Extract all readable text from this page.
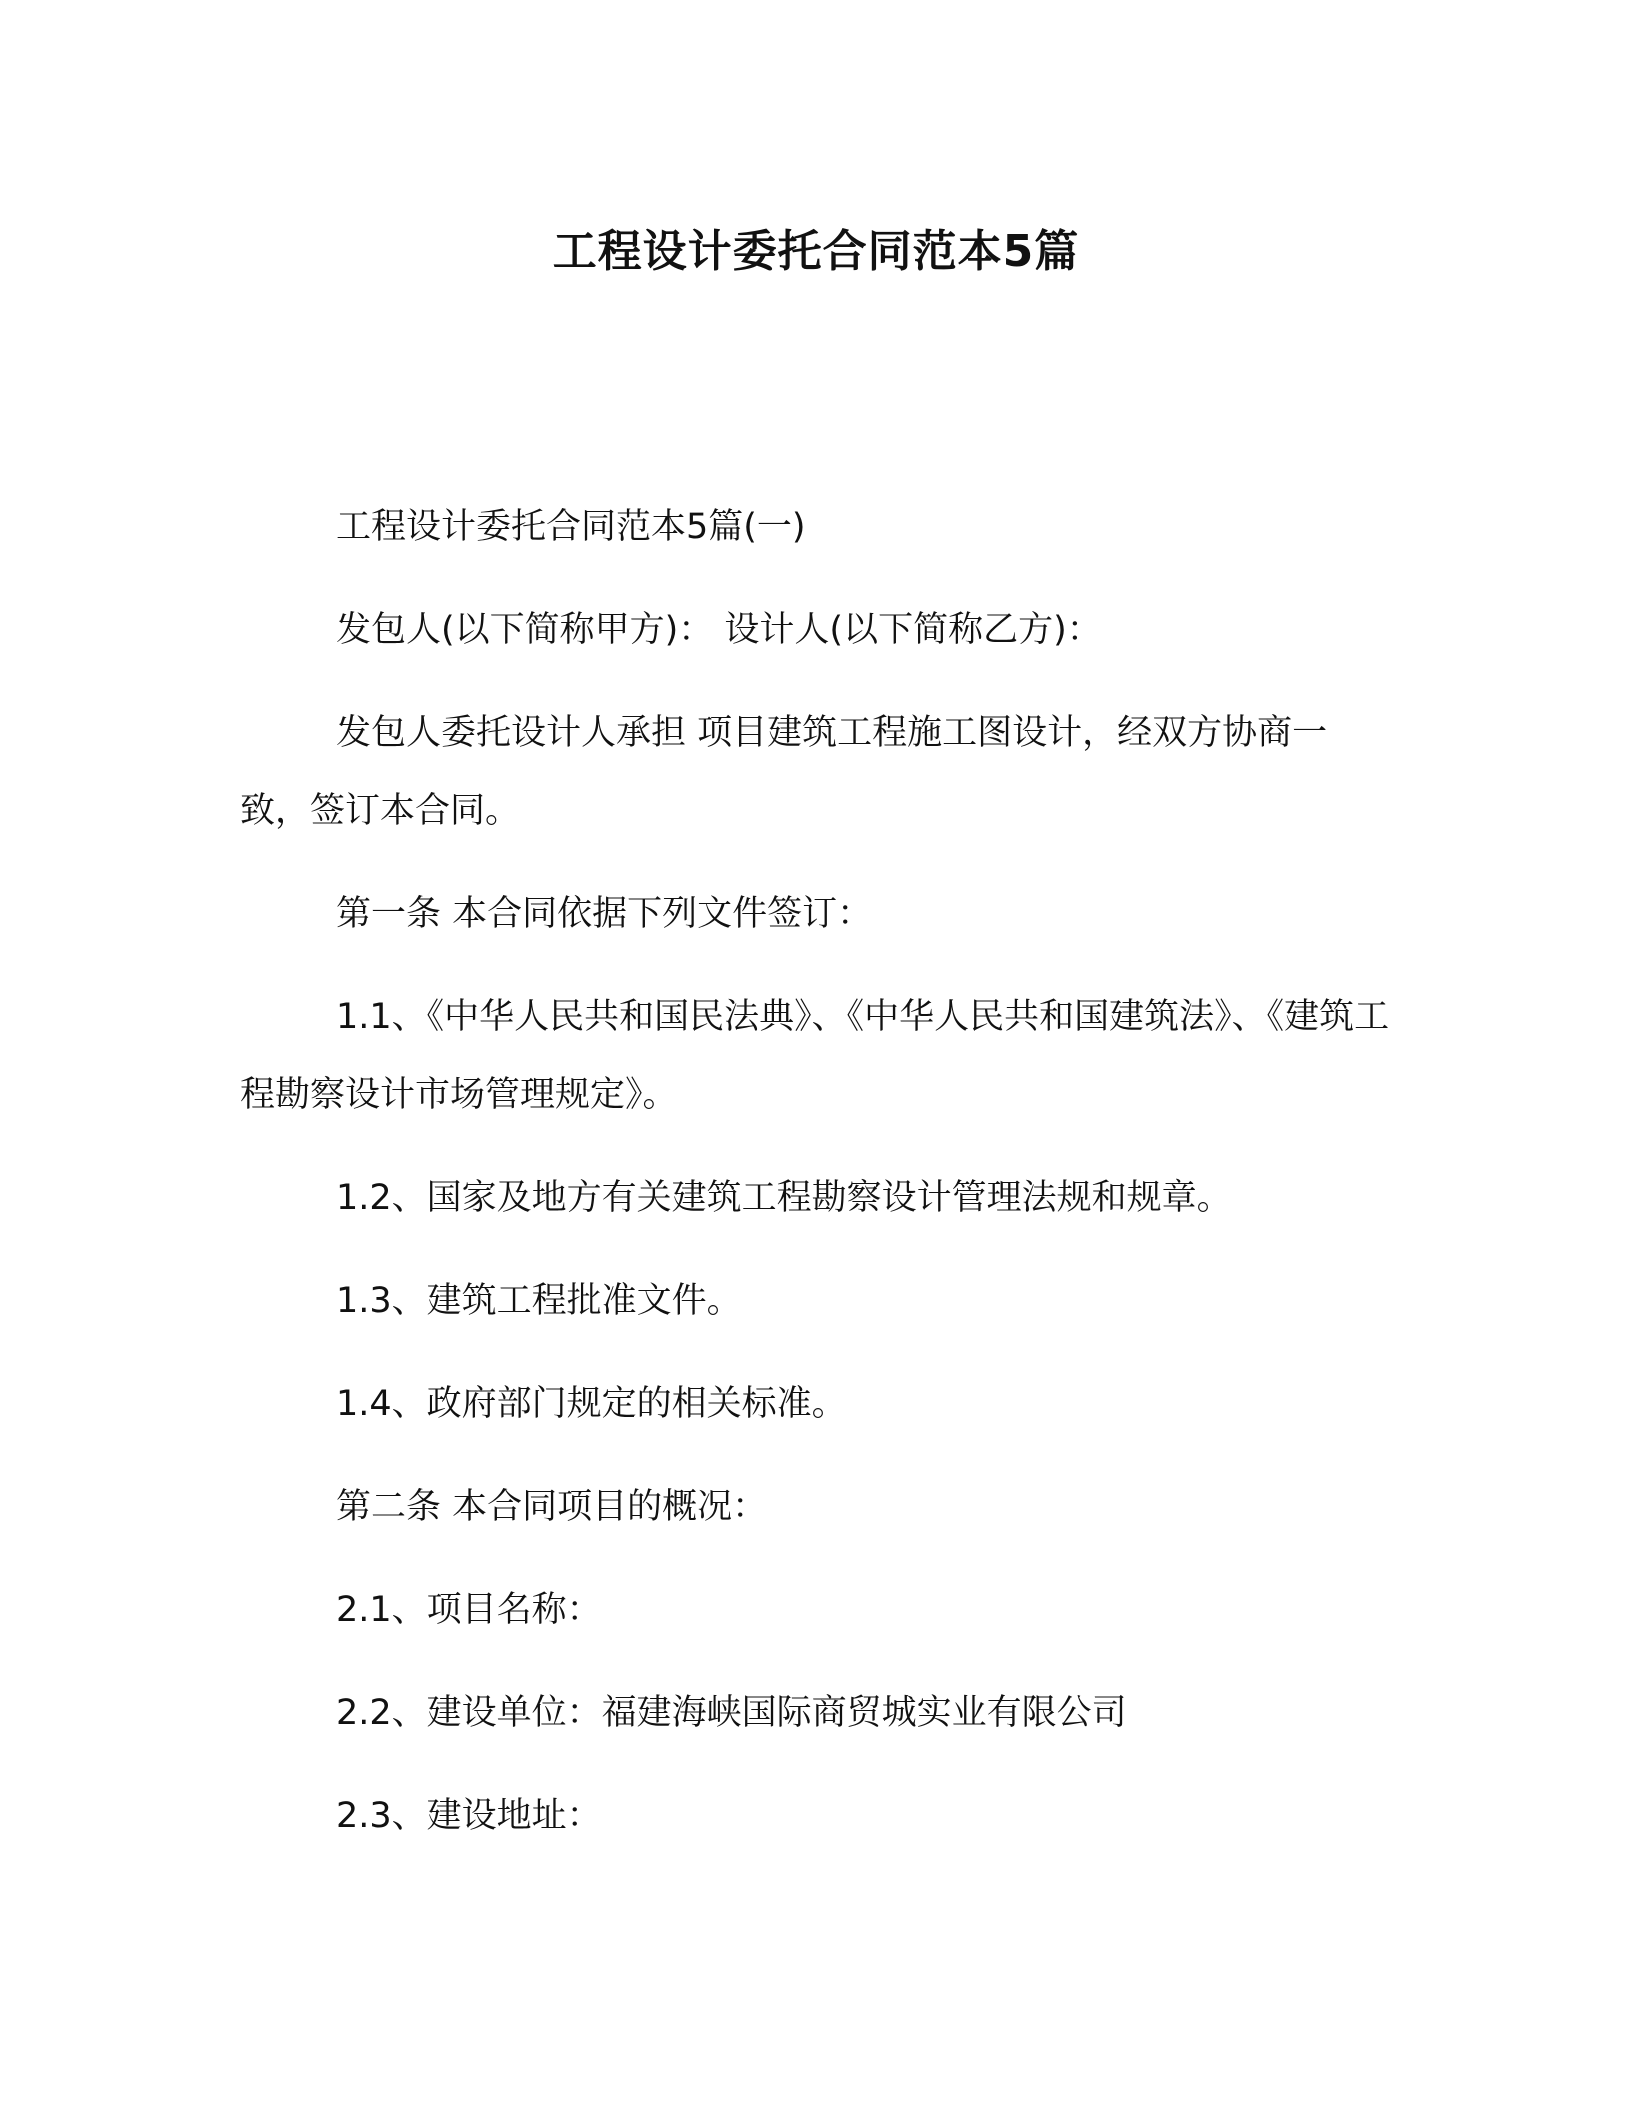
工程设计委托合同范本5篇

工程设计委托合同范本5篇(一)

发包人(以下简称甲方)： 设计人(以下简称乙方)：

发包人委托设计人承担 项目建筑工程施工图设计，经双方协商一致，签订本合同。

第一条 本合同依据下列文件签订：

1.1、《中华人民共和国民法典》、《中华人民共和国建筑法》、《建筑工程勘察设计市场管理规定》。

1.2、国家及地方有关建筑工程勘察设计管理法规和规章。

1.3、建筑工程批准文件。

1.4、政府部门规定的相关标准。

第二条 本合同项目的概况：

2.1、项目名称：

2.2、建设单位：福建海峡国际商贸城实业有限公司

2.3、建设地址：
